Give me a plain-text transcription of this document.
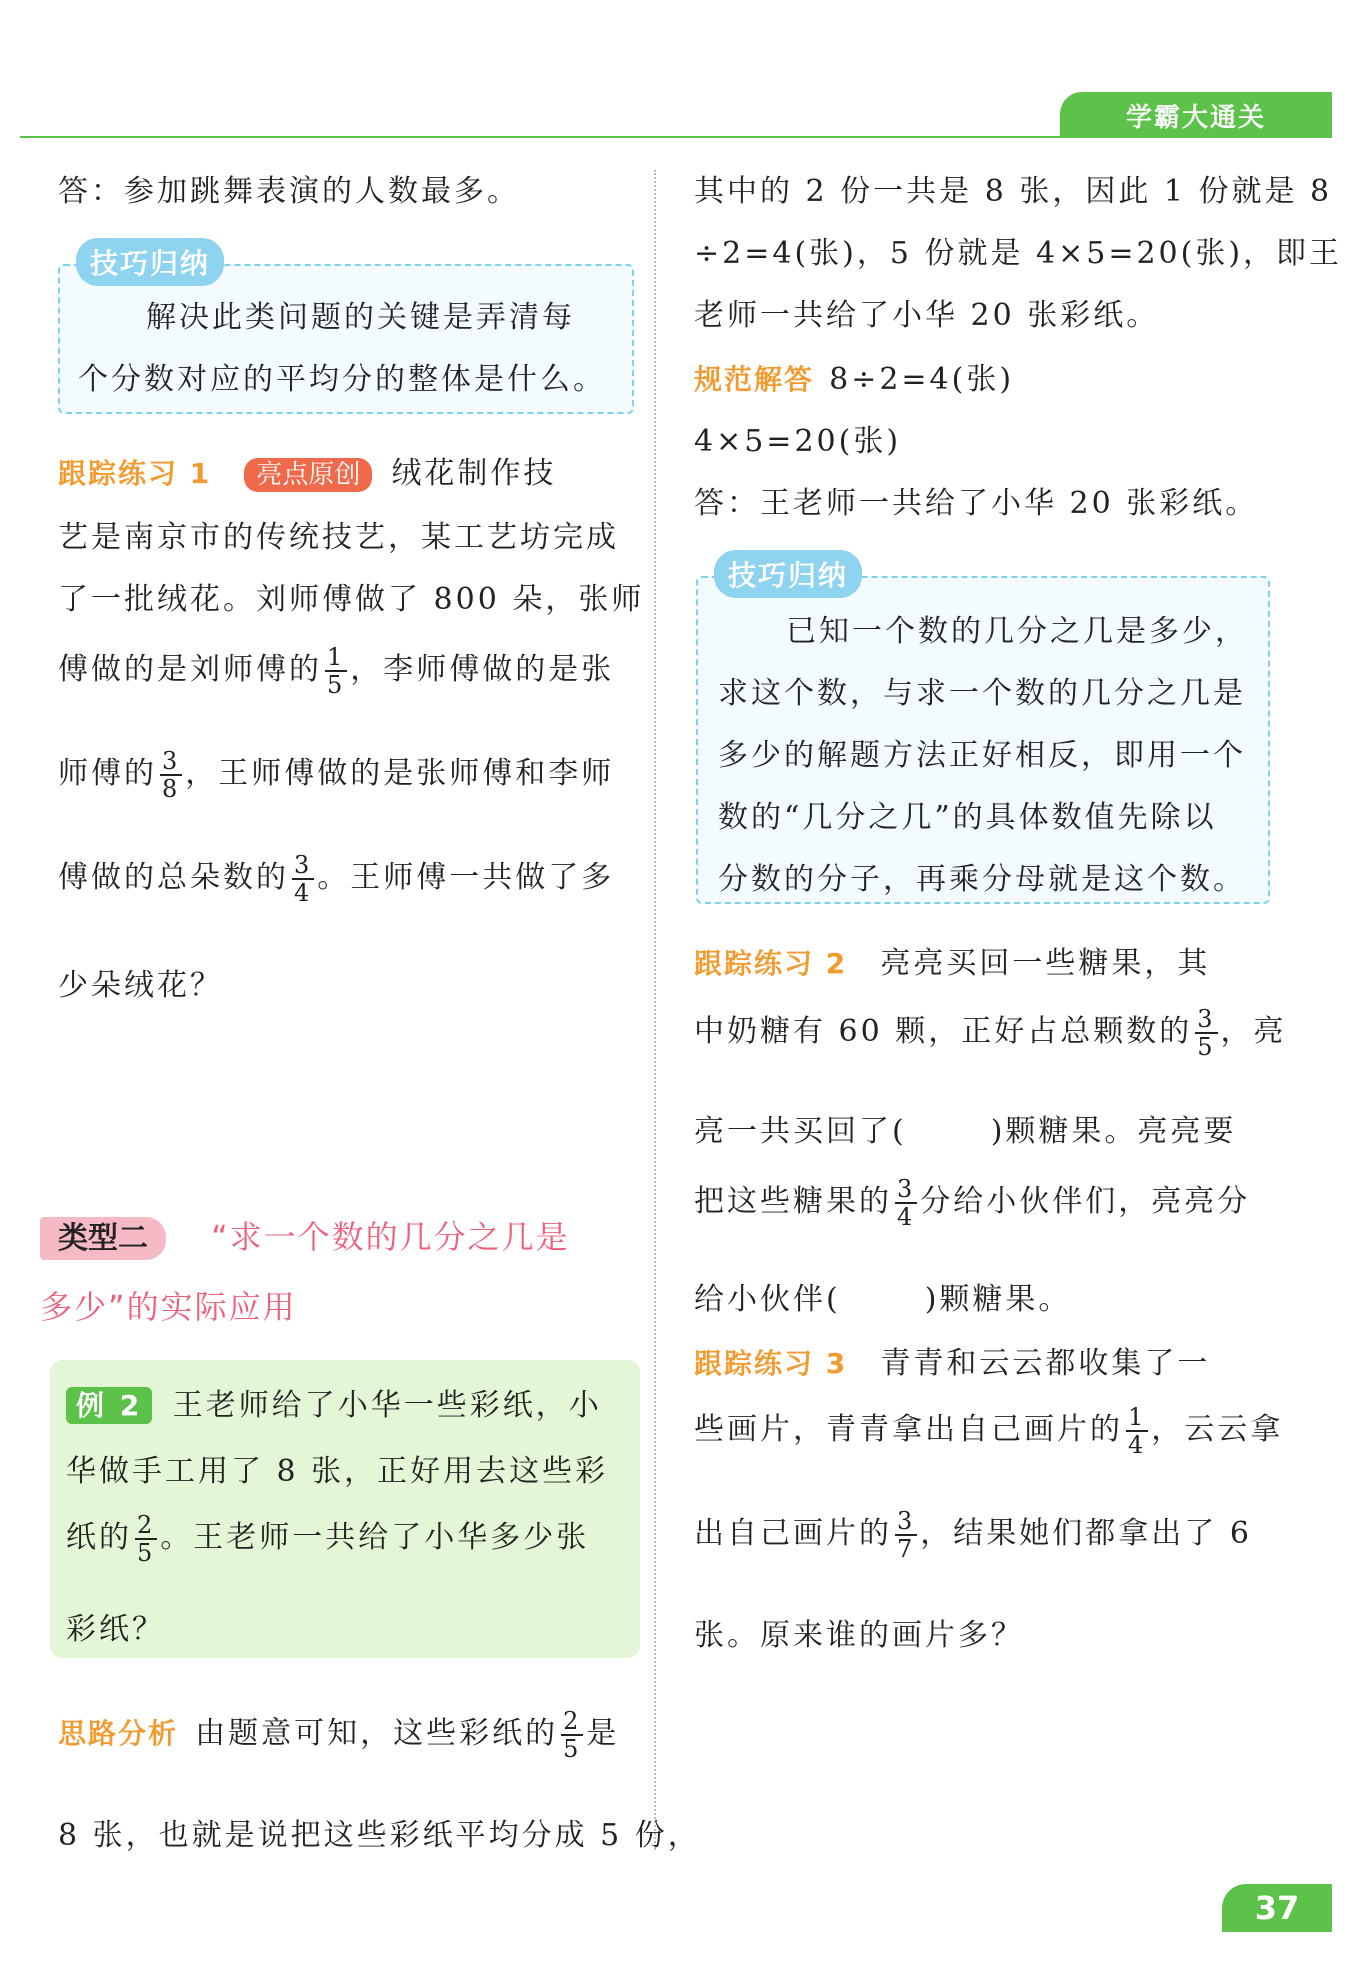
学霸大通关
答：参加跳舞表演的人数最多。
解决此类问题的关键是弄清每
个分数对应的平均分的整体是什么。
技巧归纳
跟踪练习 1 亮点原创 绒花制作技
艺是南京市的传统技艺，某工艺坊完成
了一批绒花。刘师傅做了 800 朵，张师
傅做的是刘师傅的 $\frac{1}{5}$ ，李师傅做的是张
师傅的 $\frac{3}{8}$ ，王师傅做的是张师傅和李师
傅做的总朵数的 $\frac{3}{4}$ 。王师傅一共做了多
少朵绒花？
类型二 “求一个数的几分之几是
多少”的实际应用
例 2 王老师给了小华一些彩纸，小
华做手工用了 8 张，正好用去这些彩
纸的 $\frac{2}{5}$ 。王老师一共给了小华多少张
彩纸？
思路分析 由题意可知，这些彩纸的 $\frac{2}{5}$ 是
8 张，也就是说把这些彩纸平均分成 5 份，
其中的 2 份一共是 8 张，因此 1 份就是 8
÷2=4(张)，5 份就是 4×5=20(张)，即王
老师一共给了小华 20 张彩纸。
规范解答 8÷2=4(张)
4×5=20(张)
答：王老师一共给了小华 20 张彩纸。
已知一个数的几分之几是多少，
求这个数，与求一个数的几分之几是
多少的解题方法正好相反，即用一个
数的“几分之几”的具体数值先除以
分数的分子，再乘分母就是这个数。
技巧归纳
跟踪练习 2 亮亮买回一些糖果，其
中奶糖有 60 颗，正好占总颗数的 $\frac{3}{5}$ ，亮
亮一共买回了(	)颗糖果。亮亮要
把这些糖果的 $\frac{3}{4}$ 分给小伙伴们，亮亮分
给小伙伴(	)颗糖果。
跟踪练习 3 青青和云云都收集了一
些画片，青青拿出自己画片的 $\frac{1}{4}$ ，云云拿
出自己画片的 $\frac{3}{7}$ ，结果她们都拿出了 6
张。原来谁的画片多？
37
